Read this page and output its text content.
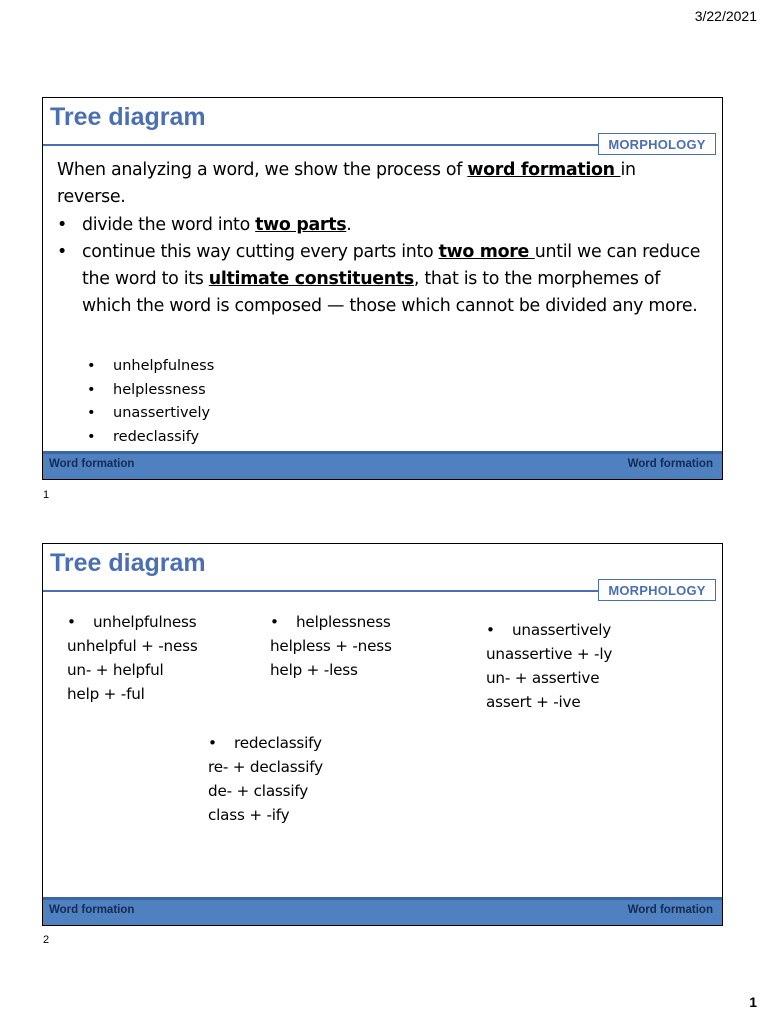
3/22/2021
Tree diagram
MORPHOLOGY
When analyzing a word, we show the process of word formation in reverse.
• divide the word into two parts.
• continue this way cutting every parts into two more until we can reduce the word to its ultimate constituents, that is to the morphemes of which the word is composed — those which cannot be divided any more.
• unhelpfulness
• helplessness
• unassertively
• redeclassify
Word formation	Word formation
1
Tree diagram
MORPHOLOGY
• unhelpfulness
unhelpful + -ness
un- + helpful
help + -ful
• helplessness
helpless + -ness
help + -less
• unassertively
unassertive + -ly
un- + assertive
assert + -ive
• redeclassify
re- + declassify
de- + classify
class + -ify
Word formation	Word formation
2
1
